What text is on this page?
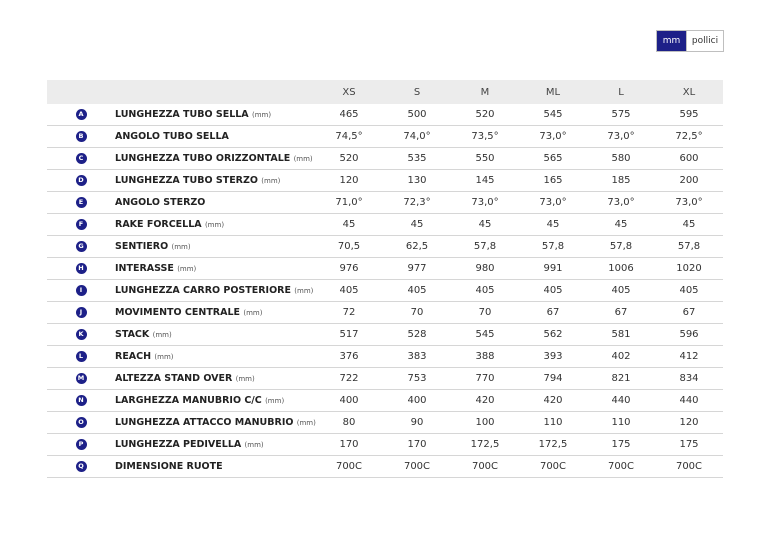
mm	pollici
		XS	S	M	ML	L	XL
A	LUNGHEZZA TUBO SELLA (mm)	465	500	520	545	575	595
B	ANGOLO TUBO SELLA	74,5°	74,0°	73,5°	73,0°	73,0°	72,5°
C	LUNGHEZZA TUBO ORIZZONTALE (mm)	520	535	550	565	580	600
D	LUNGHEZZA TUBO STERZO (mm)	120	130	145	165	185	200
E	ANGOLO STERZO	71,0°	72,3°	73,0°	73,0°	73,0°	73,0°
F	RAKE FORCELLA (mm)	45	45	45	45	45	45
G	SENTIERO (mm)	70,5	62,5	57,8	57,8	57,8	57,8
H	INTERASSE (mm)	976	977	980	991	1006	1020
I	LUNGHEZZA CARRO POSTERIORE (mm)	405	405	405	405	405	405
J	MOVIMENTO CENTRALE (mm)	72	70	70	67	67	67
K	STACK (mm)	517	528	545	562	581	596
L	REACH (mm)	376	383	388	393	402	412
M	ALTEZZA STAND OVER (mm)	722	753	770	794	821	834
N	LARGHEZZA MANUBRIO C/C (mm)	400	400	420	420	440	440
O	LUNGHEZZA ATTACCO MANUBRIO (mm)	80	90	100	110	110	120
P	LUNGHEZZA PEDIVELLA (mm)	170	170	172,5	172,5	175	175
Q	DIMENSIONE RUOTE	700C	700C	700C	700C	700C	700C
